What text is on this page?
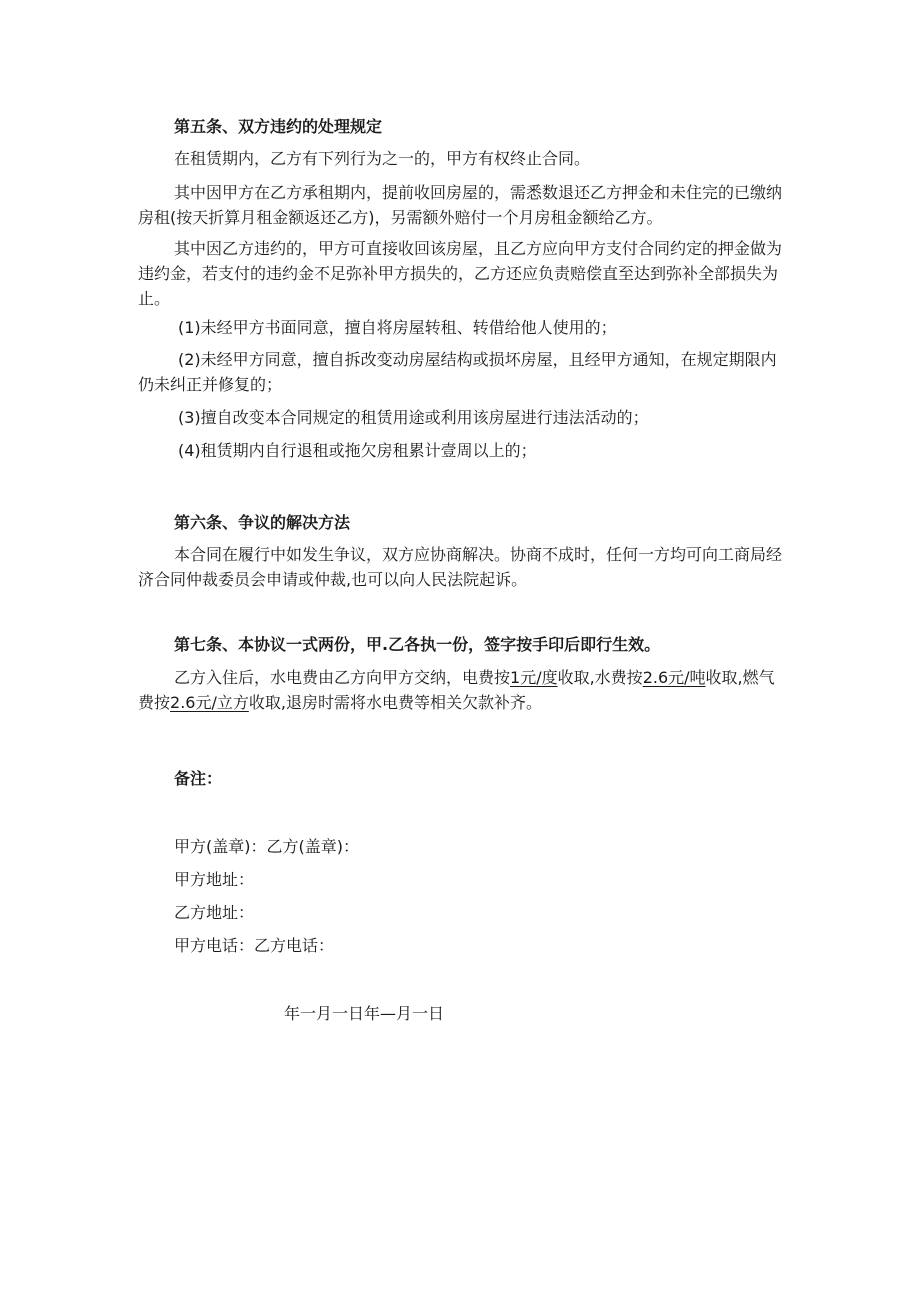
第五条、双方违约的处理规定

在租赁期内，乙方有下列行为之一的，甲方有权终止合同。

其中因甲方在乙方承租期内，提前收回房屋的，需悉数退还乙方押金和未住完的已缴纳房租(按天折算月租金额返还乙方)，另需额外赔付一个月房租金额给乙方。

其中因乙方违约的，甲方可直接收回该房屋，且乙方应向甲方支付合同约定的押金做为违约金，若支付的违约金不足弥补甲方损失的，乙方还应负责赔偿直至达到弥补全部损失为止。

(1)未经甲方书面同意，擅自将房屋转租、转借给他人使用的；

(2)未经甲方同意，擅自拆改变动房屋结构或损坏房屋，且经甲方通知，在规定期限内仍未纠正并修复的；

(3)擅自改变本合同规定的租赁用途或利用该房屋进行违法活动的；

(4)租赁期内自行退租或拖欠房租累计壹周以上的；

第六条、争议的解决方法

本合同在履行中如发生争议，双方应协商解决。协商不成时，任何一方均可向工商局经济合同仲裁委员会申请或仲裁,也可以向人民法院起诉。

第七条、本协议一式两份，甲.乙各执一份，签字按手印后即行生效。

乙方入住后，水电费由乙方向甲方交纳，电费按1元/度收取,水费按2.6元/吨收取,燃气费按2.6元/立方收取,退房时需将水电费等相关欠款补齐。

备注：

甲方(盖章)：乙方(盖章)：

甲方地址：

乙方地址：

甲方电话：乙方电话：

年一月一日年—月一日
